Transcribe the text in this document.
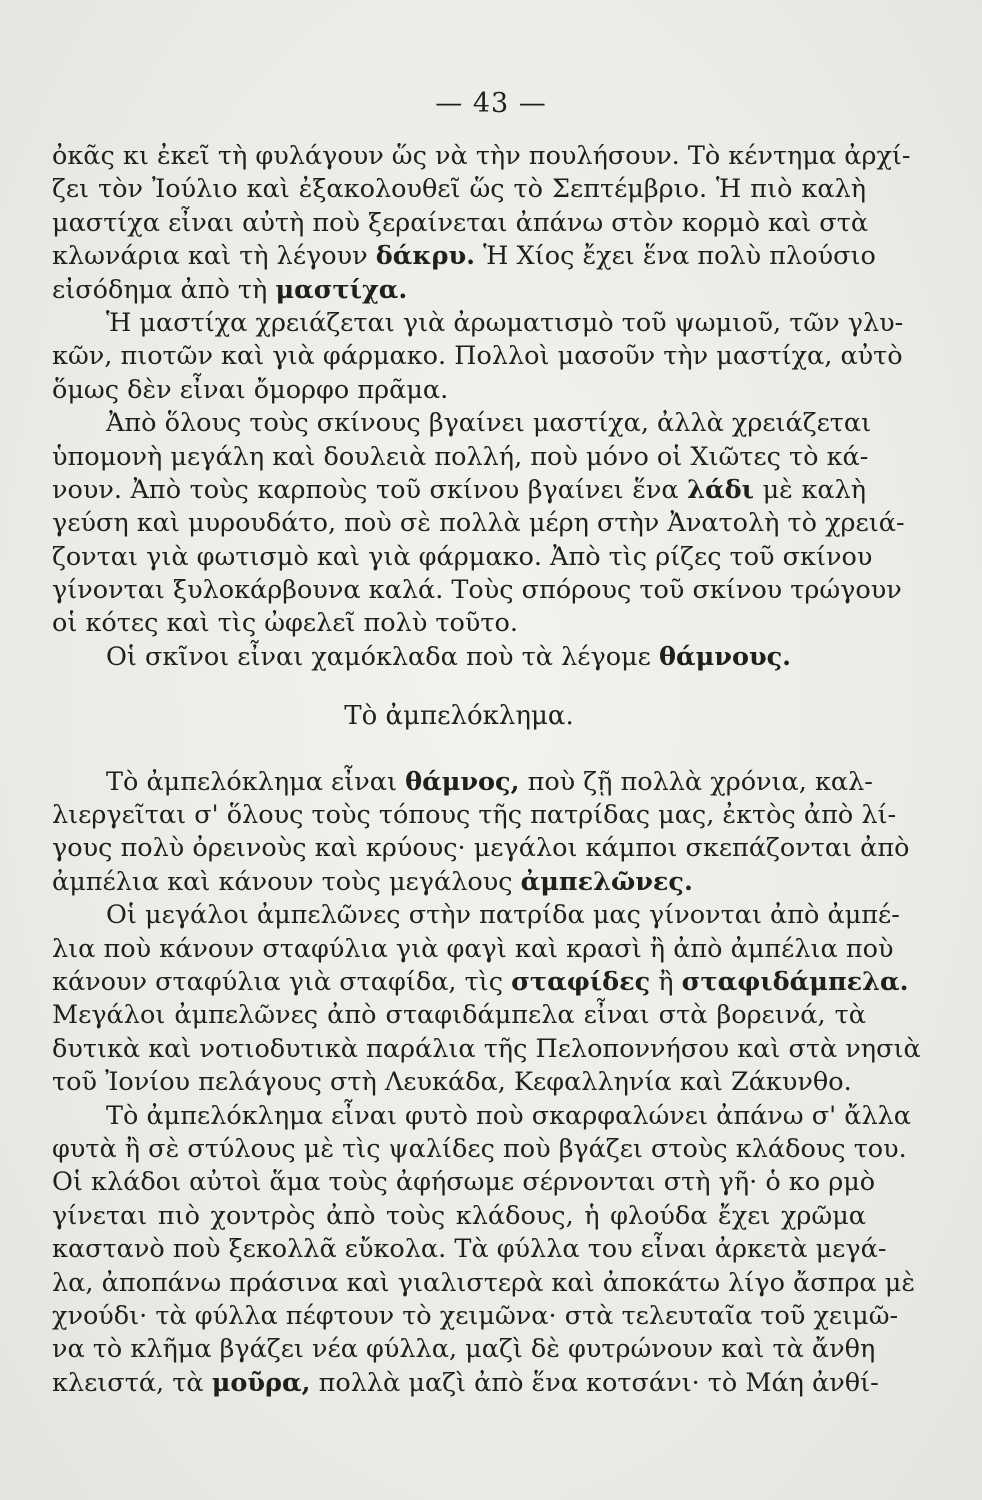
— 43 —
ὀκᾶς κι ἐκεῖ τὴ φυλάγουν ὥς νὰ τὴν πουλήσουν. Τὸ κέντημα ἀρχί-
ζει τὸν Ἰούλιο καὶ ἐξακολουθεῖ ὥς τὸ Σεπτέμβριο. Ἡ πιὸ καλὴ
μαστίχα εἶναι αὐτὴ ποὺ ξεραίνεται ἀπάνω στὸν κορμὸ καὶ στὰ
κλωνάρια καὶ τὴ λέγουν δάκρυ. Ἡ Χίος ἔχει ἕνα πολὺ πλούσιο
εἰσόδημα ἀπὸ τὴ μαστίχα.
Ἡ μαστίχα χρειάζεται γιὰ ἀρωματισμὸ τοῦ ψωμιοῦ, τῶν γλυ-
κῶν, πιοτῶν καὶ γιὰ φάρμακο. Πολλοὶ μασοῦν τὴν μαστίχα, αὐτὸ
ὅμως δὲν εἶναι ὄμορφο πρᾶμα.
Ἀπὸ ὅλους τοὺς σκίνους βγαίνει μαστίχα, ἀλλὰ χρειάζεται
ὑπομονὴ μεγάλη καὶ δουλειὰ πολλή, ποὺ μόνο οἱ Χιῶτες τὸ κά-
νουν. Ἀπὸ τοὺς καρποὺς τοῦ σκίνου βγαίνει ἕνα λάδι μὲ καλὴ
γεύση καὶ μυρουδάτο, ποὺ σὲ πολλὰ μέρη στὴν Ἀνατολὴ τὸ χρειά-
ζονται γιὰ φωτισμὸ καὶ γιὰ φάρμακο. Ἀπὸ τὶς ρίζες τοῦ σκίνου
γίνονται ξυλοκάρβουνα καλά. Τοὺς σπόρους τοῦ σκίνου τρώγουν
οἱ κότες καὶ τὶς ὠφελεῖ πολὺ τοῦτο.
Οἱ σκῖνοι εἶναι χαμόκλαδα ποὺ τὰ λέγομε θάμνους.
Τὸ ἀμπελόκλημα.
Τὸ ἀμπελόκλημα εἶναι θάμνος, ποὺ ζῇ πολλὰ χρόνια, καλ-
λιεργεῖται σ' ὅλους τοὺς τόπους τῆς πατρίδας μας, ἐκτὸς ἀπὸ λί-
γους πολὺ ὀρεινοὺς καὶ κρύους· μεγάλοι κάμποι σκεπάζονται ἀπὸ
ἀμπέλια καὶ κάνουν τοὺς μεγάλους ἀμπελῶνες.
Οἱ μεγάλοι ἀμπελῶνες στὴν πατρίδα μας γίνονται ἀπὸ ἀμπέ-
λια ποὺ κάνουν σταφύλια γιὰ φαγὶ καὶ κρασὶ ἢ ἀπὸ ἀμπέλια ποὺ
κάνουν σταφύλια γιὰ σταφίδα, τὶς σταφίδες ἢ σταφιδάμπελα.
Μεγάλοι ἀμπελῶνες ἀπὸ σταφιδάμπελα εἶναι στὰ βορεινά, τὰ
δυτικὰ καὶ νοτιοδυτικὰ παράλια τῆς Πελοποννήσου καὶ στὰ νησιὰ
τοῦ Ἰονίου πελάγους στὴ Λευκάδα, Κεφαλληνία καὶ Ζάκυνθο.
Τὸ ἀμπελόκλημα εἶναι φυτὸ ποὺ σκαρφαλώνει ἀπάνω σ' ἄλλα
φυτὰ ἢ σὲ στύλους μὲ τὶς ψαλίδες ποὺ βγάζει στοὺς κλάδους του.
Οἱ κλάδοι αὐτοὶ ἅμα τοὺς ἀφήσωμε σέρνονται στὴ γῆ· ὁ κο ρμὸ
γίνεται πιὸ χοντρὸς ἀπὸ τοὺς κλάδους, ἡ φλούδα ἔχει χρῶμα
καστανὸ ποὺ ξεκολλᾶ εὔκολα. Τὰ φύλλα του εἶναι ἀρκετὰ μεγά-
λα, ἀποπάνω πράσινα καὶ γιαλιστερὰ καὶ ἀποκάτω λίγο ἄσπρα μὲ
χνούδι· τὰ φύλλα πέφτουν τὸ χειμῶνα· στὰ τελευταῖα τοῦ χειμῶ-
να τὸ κλῆμα βγάζει νέα φύλλα, μαζὶ δὲ φυτρώνουν καὶ τὰ ἄνθη
κλειστά, τὰ μοῦρα, πολλὰ μαζὶ ἀπὸ ἕνα κοτσάνι· τὸ Μάη ἀνθί-
